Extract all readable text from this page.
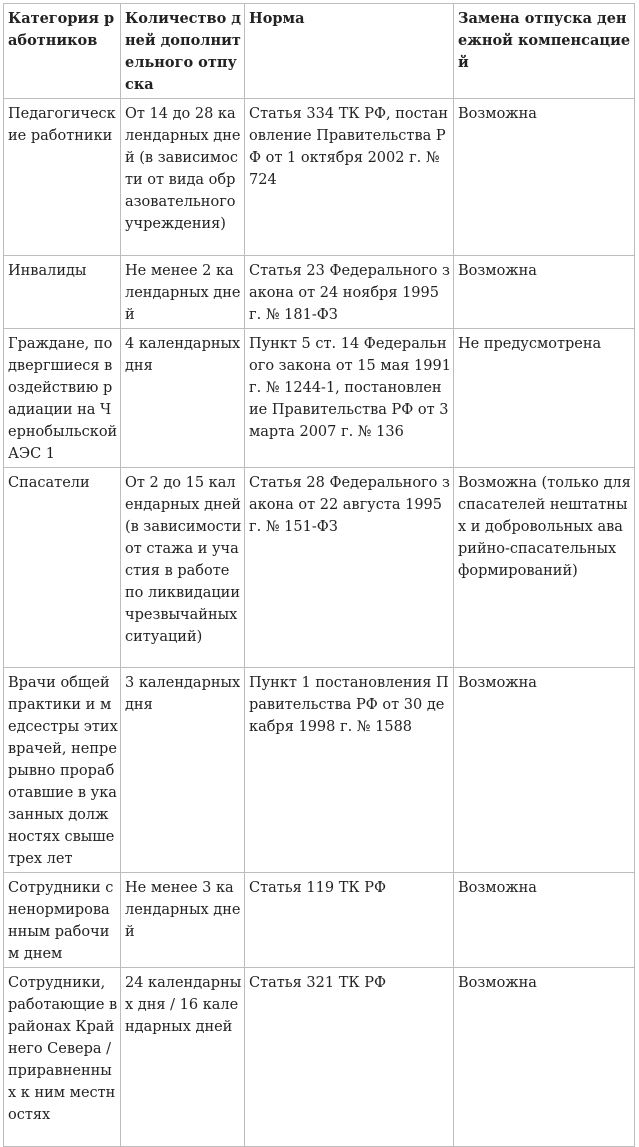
Категория работников	Количество дней дополнительного отпуска	Норма	Замена отпуска денежной компенсацией
Педагогические работники	От 14 до 28 календарных дней (в зависимости от вида образовательного учреждения)	Статья 334 ТК РФ, постановление Правительства РФ от 1 октября 2002 г. № 724	Возможна
Инвалиды	Не менее 2 календарных дней	Статья 23 Федерального закона от 24 ноября 1995 г. № 181-ФЗ	Возможна
Граждане, подвергшиеся воздействию радиации на Чернобыльской АЭС 1	4 календарных дня	Пункт 5 ст. 14 Федерального закона от 15 мая 1991 г. № 1244-1, постановление Правительства РФ от 3 марта 2007 г. № 136	Не предусмотрена
Спасатели	От 2 до 15 календарных дней (в зависимости от стажа и участия в работе по ликвидации чрезвычайных ситуаций)	Статья 28 Федерального закона от 22 августа 1995 г. № 151-ФЗ	Возможна (только для спасателей нештатных и добровольных аварийно-спасательных формирований)
Врачи общей практики и медсестры этих врачей, непрерывно проработавшие в указанных должностях свыше трех лет	3 календарных дня	Пункт 1 постановления Правительства РФ от 30 декабря 1998 г. № 1588	Возможна
Сотрудники с ненормированным рабочим днем	Не менее 3 календарных дней	Статья 119 ТК РФ	Возможна
Сотрудники, работающие в районах Крайнего Севера / приравненных к ним местностях	24 календарных дня / 16 календарных дней	Статья 321 ТК РФ	Возможна
